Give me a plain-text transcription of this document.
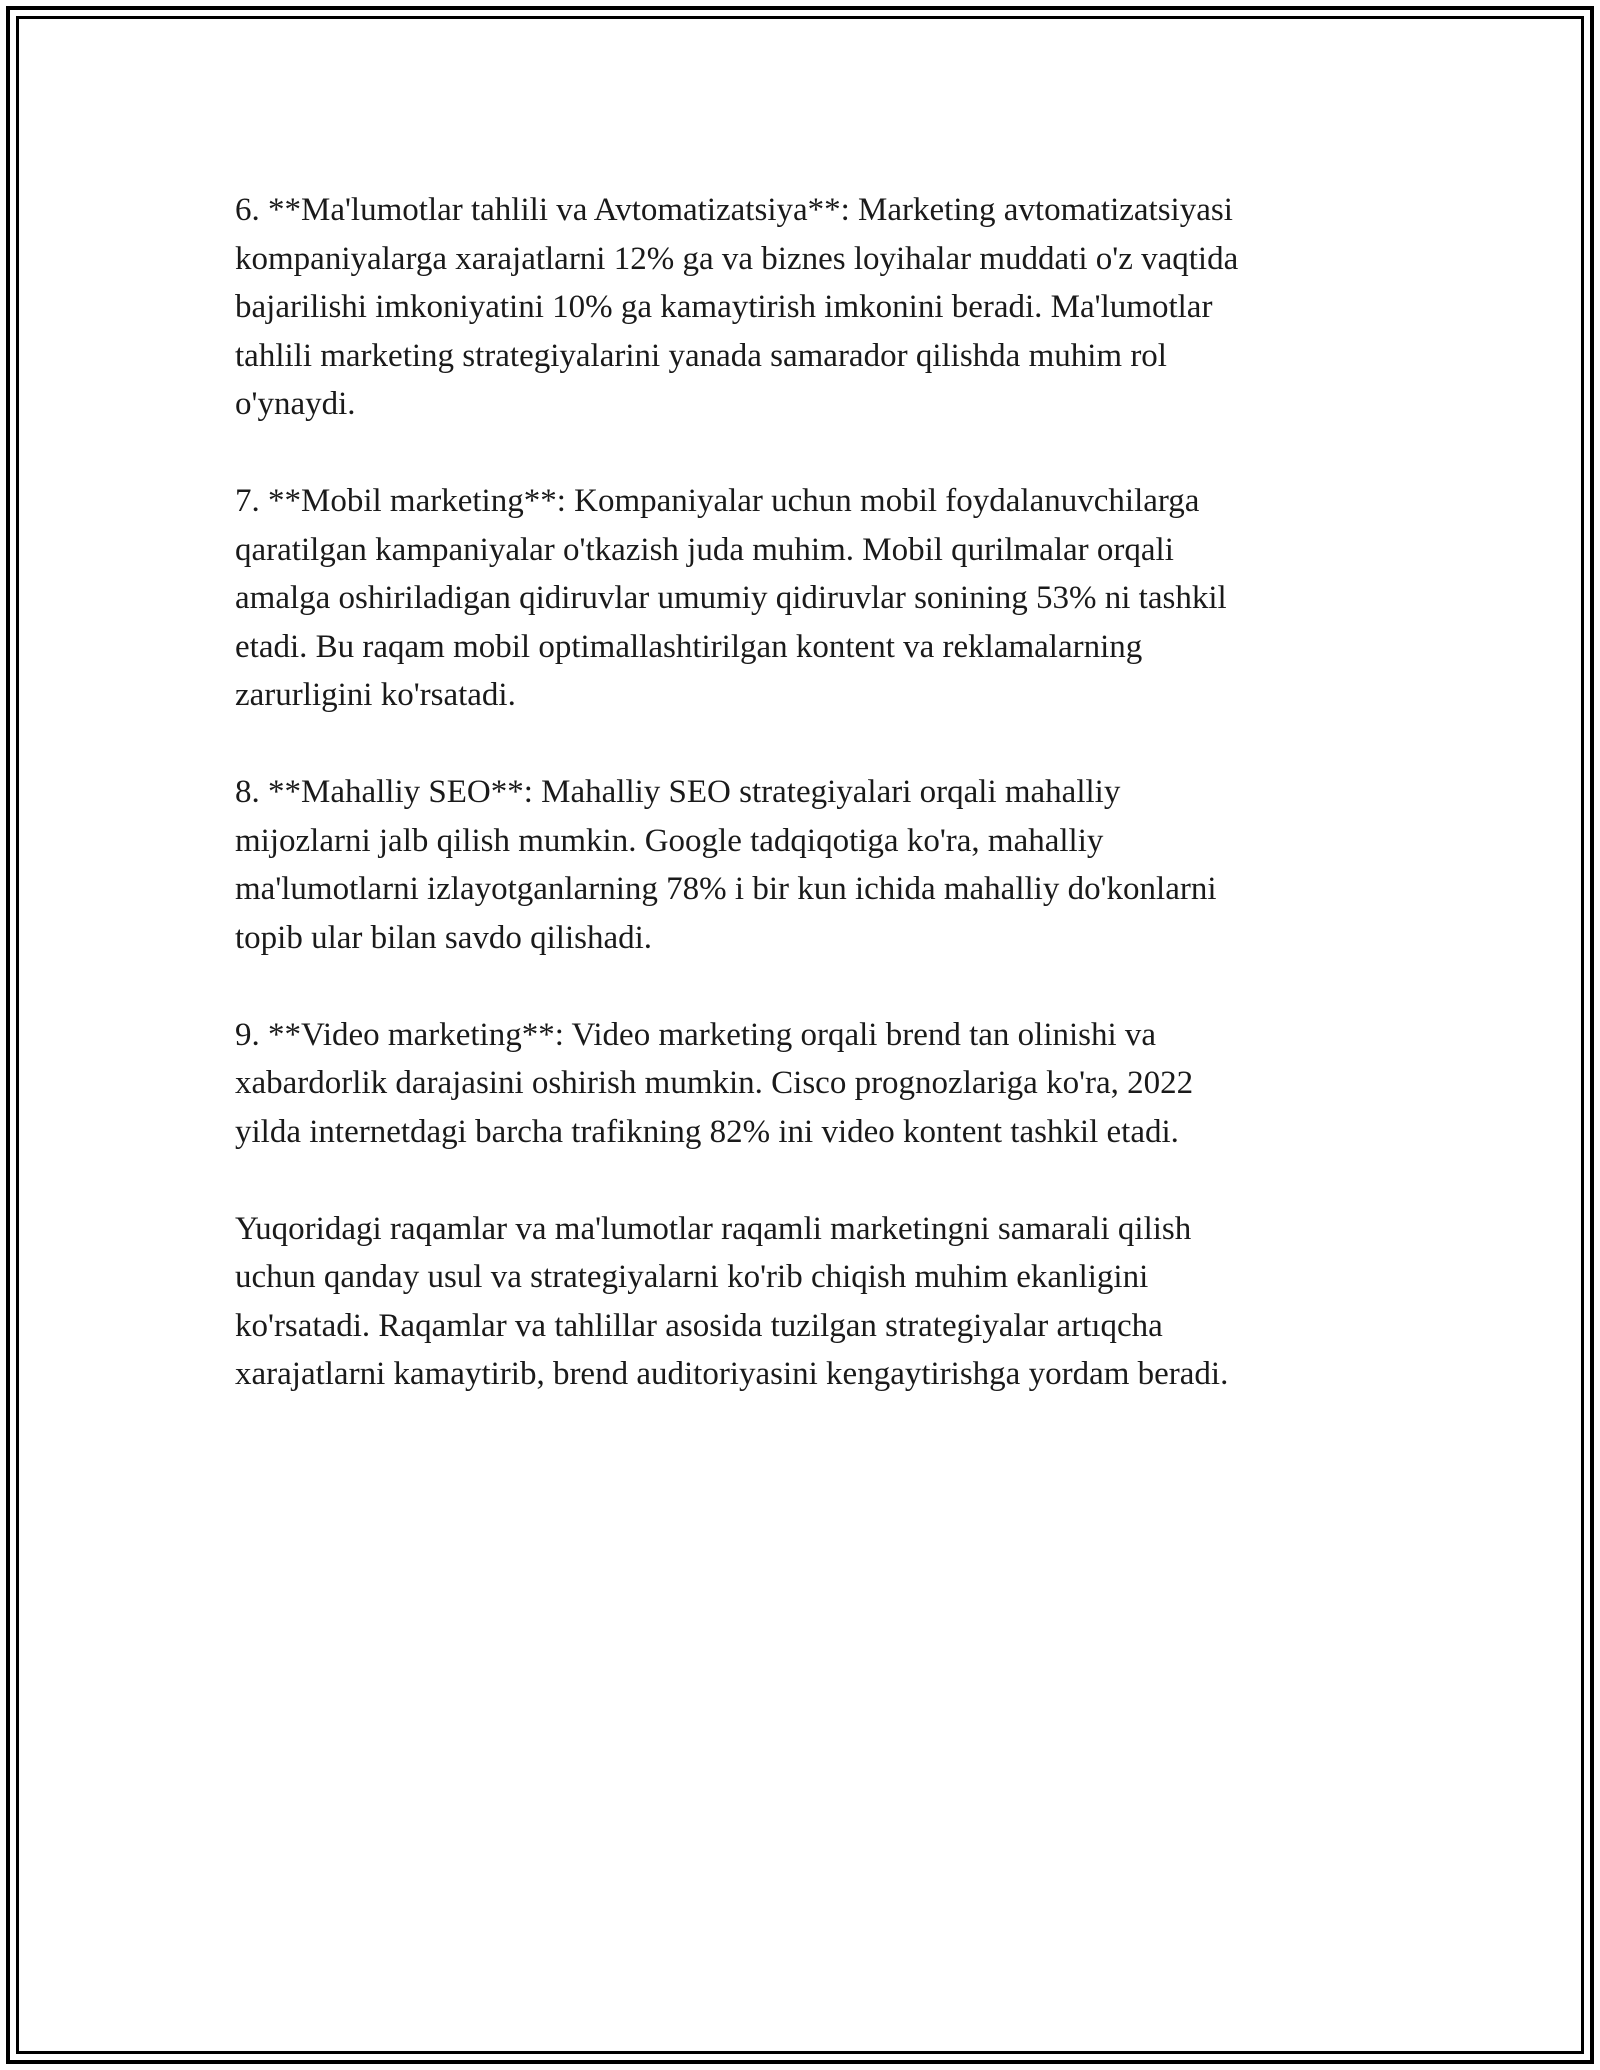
6. **Ma'lumotlar tahlili va Avtomatizatsiya**: Marketing avtomatizatsiyasi
kompaniyalarga xarajatlarni 12% ga va biznes loyihalar muddati o'z vaqtida
bajarilishi imkoniyatini 10% ga kamaytirish imkonini beradi. Ma'lumotlar
tahlili marketing strategiyalarini yanada samarador qilishda muhim rol
o'ynaydi.

7. **Mobil marketing**: Kompaniyalar uchun mobil foydalanuvchilarga
qaratilgan kampaniyalar o'tkazish juda muhim. Mobil qurilmalar orqali
amalga oshiriladigan qidiruvlar umumiy qidiruvlar sonining 53% ni tashkil
etadi. Bu raqam mobil optimallashtirilgan kontent va reklamalarning
zarurligini ko'rsatadi.

8. **Mahalliy SEO**: Mahalliy SEO strategiyalari orqali mahalliy
mijozlarni jalb qilish mumkin. Google tadqiqotiga ko'ra, mahalliy
ma'lumotlarni izlayotganlarning 78% i bir kun ichida mahalliy do'konlarni
topib ular bilan savdo qilishadi.

9. **Video marketing**: Video marketing orqali brend tan olinishi va
xabardorlik darajasini oshirish mumkin. Cisco prognozlariga ko'ra, 2022
yilda internetdagi barcha trafikning 82% ini video kontent tashkil etadi.

Yuqoridagi raqamlar va ma'lumotlar raqamli marketingni samarali qilish
uchun qanday usul va strategiyalarni ko'rib chiqish muhim ekanligini
ko'rsatadi. Raqamlar va tahlillar asosida tuzilgan strategiyalar artıqcha
xarajatlarni kamaytirib, brend auditoriyasini kengaytirishga yordam beradi.
